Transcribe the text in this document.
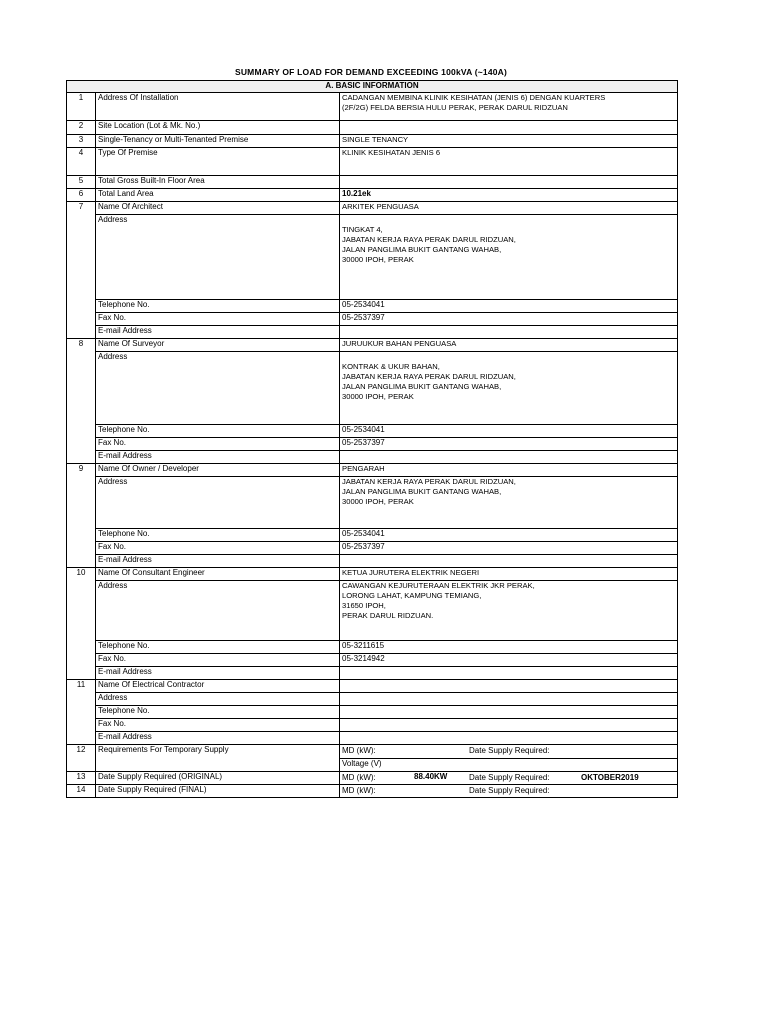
SUMMARY OF LOAD FOR DEMAND EXCEEDING 100kVA (~140A)
A. BASIC INFORMATION		
1	Address Of Installation	CADANGAN MEMBINA KLINIK KESIHATAN (JENIS 6) DENGAN KUARTERS
(2F/2G) FELDA BERSIA HULU PERAK, PERAK DARUL RIDZUAN

2	Site Location (Lot & Mk. No.)	
3	Single-Tenancy or Multi-Tenanted Premise	SINGLE TENANCY
4	Type Of Premise	KLINIK KESIHATAN JENIS 6
5	Total Gross Built-In Floor Area	
6	Total Land Area	10.21ek
7	Name Of Architect	ARKITEK PENGUASA
	Address	TINGKAT 4,
JABATAN KERJA RAYA PERAK DARUL RIDZUAN,
JALAN PANGLIMA BUKIT GANTANG WAHAB,
30000 IPOH, PERAK

	Telephone No.	05-2534041
	Fax No.	05-2537397
	E-mail Address	
8	Name Of Surveyor	JURUUKUR BAHAN PENGUASA
	Address	KONTRAK & UKUR BAHAN,
JABATAN KERJA RAYA PERAK DARUL RIDZUAN,
JALAN PANGLIMA BUKIT GANTANG WAHAB,
30000 IPOH, PERAK

	Telephone No.	05-2534041
	Fax No.	05-2537397
	E-mail Address	
9	Name Of Owner / Developer	PENGARAH
	Address	JABATAN KERJA RAYA PERAK DARUL RIDZUAN,
JALAN PANGLIMA BUKIT GANTANG WAHAB,
30000 IPOH, PERAK

	Telephone No.	05-2534041
	Fax No.	05-2537397
	E-mail Address	
10	Name Of Consultant Engineer	KETUA JURUTERA ELEKTRIK NEGERI
	Address	CAWANGAN KEJURUTERAAN ELEKTRIK JKR PERAK,
LORONG LAHAT, KAMPUNG TEMIANG,
31650 IPOH,
PERAK DARUL RIDZUAN.

	Telephone No.	05-3211615
	Fax No.	05-3214942
	E-mail Address	
11	Name Of Electrical Contractor	
	Address	
	Telephone No.	
	Fax No.	
	E-mail Address	
12	Requirements For Temporary Supply	MD (kW): Date Supply Required:

		Voltage (V)
13	Date Supply Required (ORIGINAL)	MD (kW): 88.40KW Date Supply Required: OKTOBER2019

14	Date Supply Required (FINAL)	MD (kW): Date Supply Required:
